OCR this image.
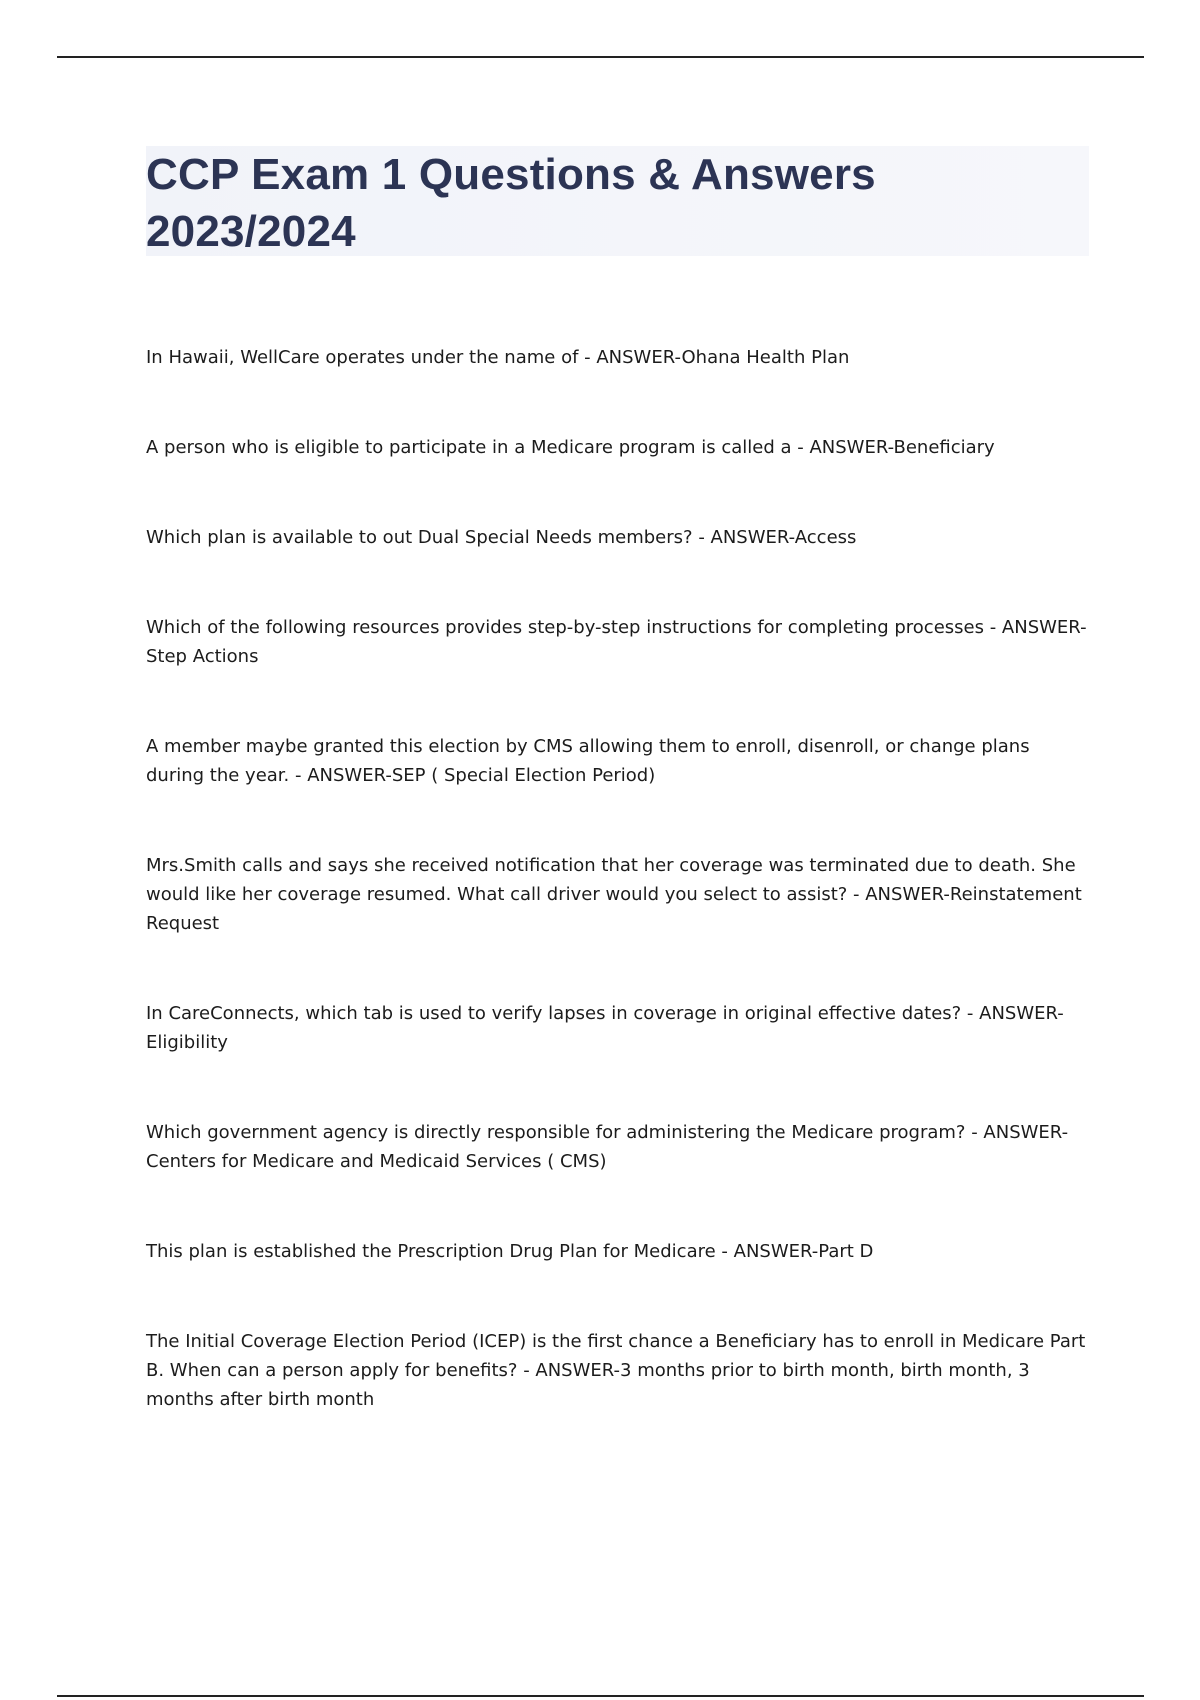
CCP Exam 1 Questions & Answers 2023/2024
In Hawaii, WellCare operates under the name of - ANSWER-Ohana Health Plan
A person who is eligible to participate in a Medicare program is called a - ANSWER-Beneficiary
Which plan is available to out Dual Special Needs members? - ANSWER-Access
Which of the following resources provides step-by-step instructions for completing processes - ANSWER-Step Actions
A member maybe granted this election by CMS allowing them to enroll, disenroll, or change plans during the year. - ANSWER-SEP ( Special Election Period)
Mrs.Smith calls and says she received notification that her coverage was terminated due to death. She would like her coverage resumed. What call driver would you select to assist? - ANSWER-Reinstatement Request
In CareConnects, which tab is used to verify lapses in coverage in original effective dates? - ANSWER-Eligibility
Which government agency is directly responsible for administering the Medicare program? - ANSWER-Centers for Medicare and Medicaid Services ( CMS)
This plan is established the Prescription Drug Plan for Medicare - ANSWER-Part D
The Initial Coverage Election Period (ICEP) is the first chance a Beneficiary has to enroll in Medicare Part B. When can a person apply for benefits? - ANSWER-3 months prior to birth month, birth month, 3 months after birth month
